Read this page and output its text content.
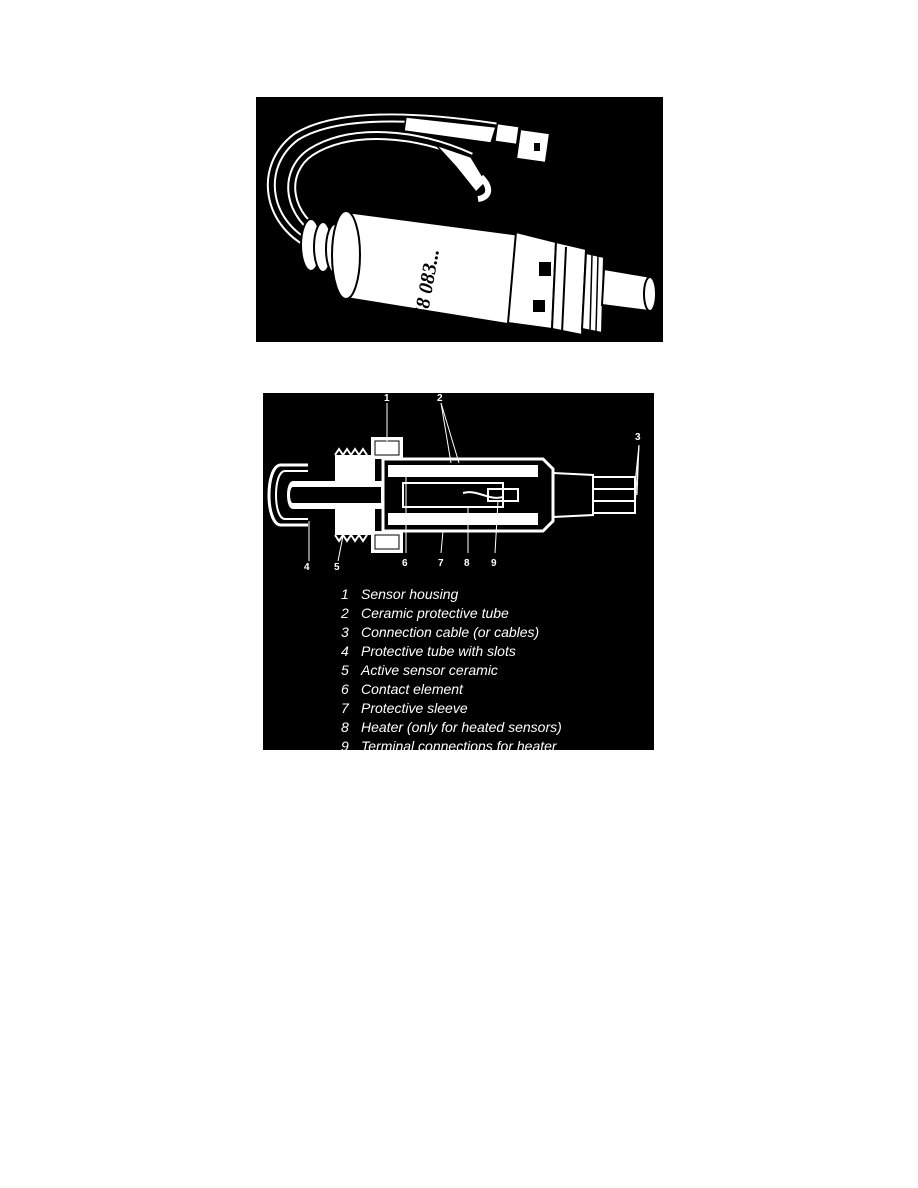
58 083...
1	2
3
4 5	6	7 8 9
1 Sensor housing
2 Ceramic protective tube
3 Connection cable (or cables)
4 Protective tube with slots
5 Active sensor ceramic
6 Contact element
7 Protective sleeve
8 Heater (only for heated sensors)
9 Terminal connections for heater
